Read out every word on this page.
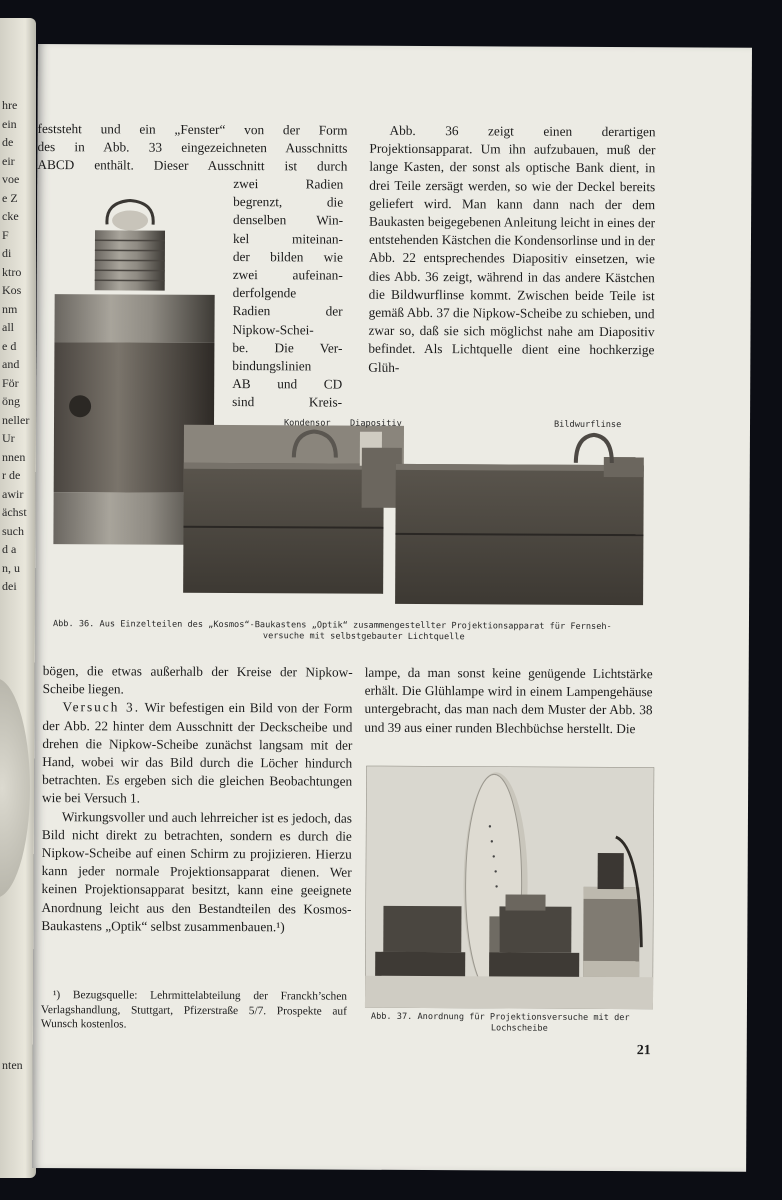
hre
ein
de
eir
voe
e Z
cke
F
di
ktro
Kos
nm
all
e d
and
För
öng
neller
Ur
nnen
r de
awir
ächst
such
d a
n, u
dei
nten
feststeht und ein „Fenster“ von der Form
des in Abb. 33 eingezeichneten Ausschnitts
ABCD enthält. Dieser Ausschnitt ist durch
zwei Radien
begrenzt, die
denselben Win-
kel miteinan-
der bilden wie
zwei aufeinan-
derfolgende
Radien der
Nipkow-Schei-
be. Die Ver-
bindungslinien
AB und CD
sind Kreis-

Abb. 36 zeigt einen derartigen Projektionsapparat. Um ihn aufzubauen, muß der lange Kasten, der sonst als optische Bank dient, in drei Teile zersägt werden, so wie der Deckel bereits geliefert wird. Man kann dann nach der dem Baukasten beigegebenen Anleitung leicht in eines der entstehenden Kästchen die Kondensorlinse und in der Abb. 22 entsprechendes Diapositiv einsetzen, wie dies Abb. 36 zeigt, während in das andere Kästchen die Bildwurflinse kommt. Zwischen beide Teile ist gemäß Abb. 37 die Nipkow-Scheibe zu schieben, und zwar so, daß sie sich möglichst nahe am Diapositiv befindet. Als Lichtquelle dient eine hochkerzige Glüh-

Kondensor Diapositiv	Bildwurflinse
Abb. 36. Aus Einzelteilen des „Kosmos“-Baukastens „Optik“ zusammengestellter Projektionsapparat für Fernseh-
versuche mit selbstgebauter Lichtquelle

bögen, die etwas außerhalb der Kreise der Nipkow-Scheibe liegen.

Versuch 3. Wir befestigen ein Bild von der Form der Abb. 22 hinter dem Ausschnitt der Deckscheibe und drehen die Nipkow-Scheibe zunächst langsam mit der Hand, wobei wir das Bild durch die Löcher hindurch betrachten. Es ergeben sich die gleichen Beobachtungen wie bei Versuch 1.

Wirkungsvoller und auch lehrreicher ist es jedoch, das Bild nicht direkt zu betrachten, sondern es durch die Nipkow-Scheibe auf einen Schirm zu projizieren. Hierzu kann jeder normale Projektionsapparat dienen. Wer keinen Projektionsapparat besitzt, kann eine geeignete Anordnung leicht aus den Bestandteilen des Kosmos-Baukastens „Optik“ selbst zusammenbauen.¹)

¹) Bezugsquelle: Lehrmittelabteilung der Franckh’schen Verlagshandlung, Stuttgart, Pfizerstraße 5/7. Prospekte auf Wunsch kostenlos.

lampe, da man sonst keine genügende Lichtstärke erhält. Die Glühlampe wird in einem Lampengehäuse untergebracht, das man nach dem Muster der Abb. 38 und 39 aus einer runden Blechbüchse herstellt. Die

Abb. 37. Anordnung für Projektionsversuche mit der
Lochscheibe
21
